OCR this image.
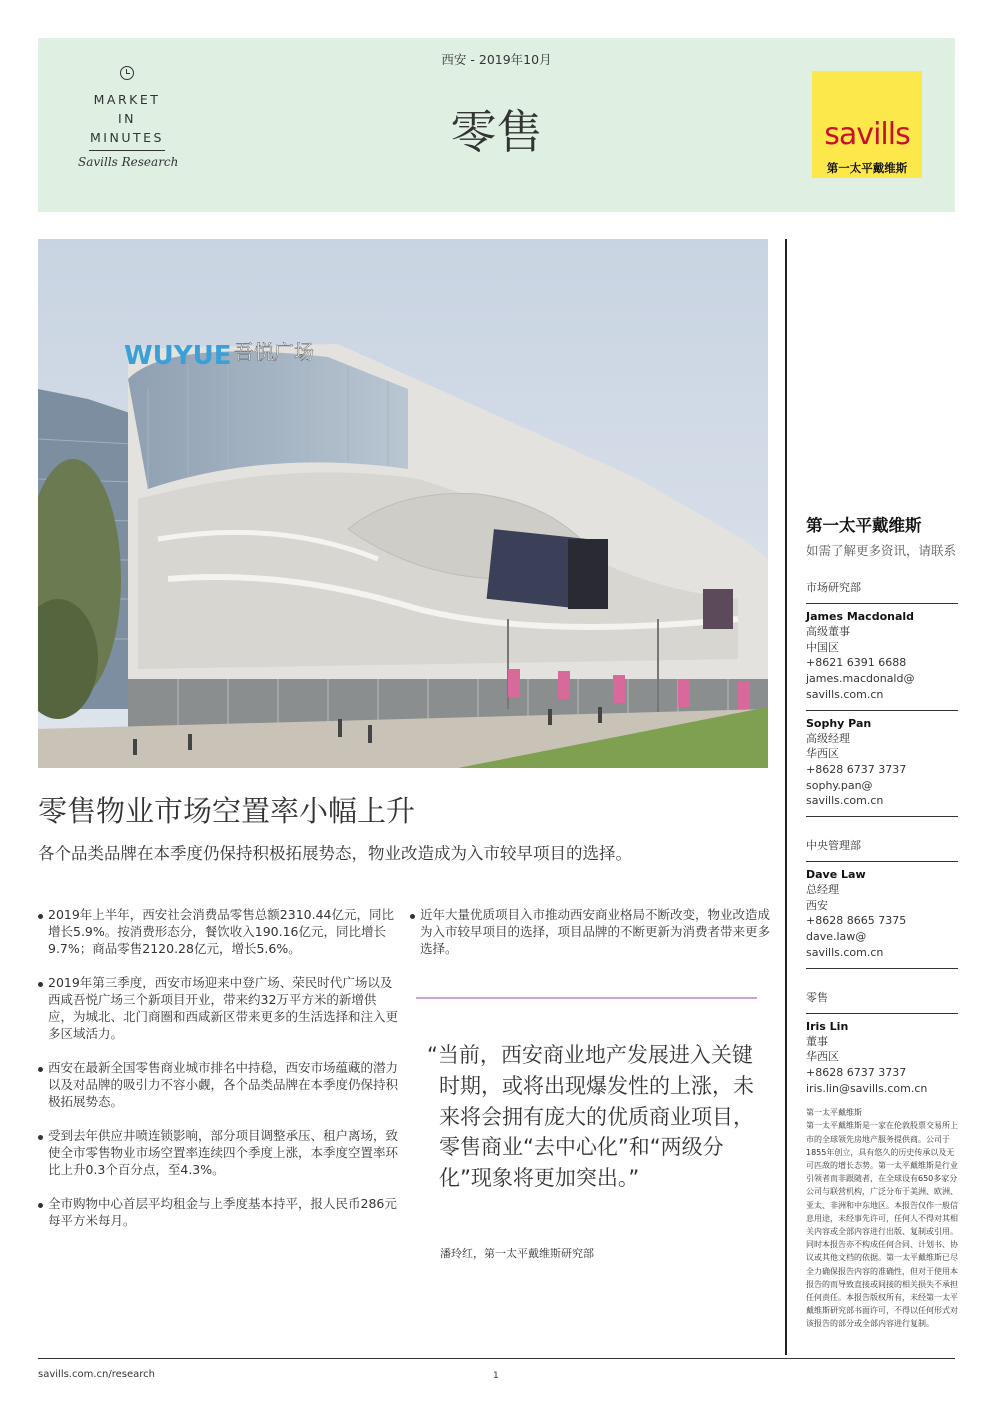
MARKET
IN
MINUTES
Savills Research
西安 - 2019年10月
零售	savills
第一太平戴维斯
WUYUE 吾悦广场
第一太平戴维斯
如需了解更多资讯，请联系
市场研究部
James Macdonald
高级董事
中国区
+8621 6391 6688
james.macdonald@
savills.com.cn
Sophy Pan
高级经理
华西区
+8628 6737 3737
sophy.pan@
savills.com.cn
中央管理部
Dave Law
总经理
西安
+8628 8665 7375
dave.law@
savills.com.cn
零售
Iris Lin
董事
华西区
+8628 6737 3737
iris.lin@savills.com.cn
第一太平戴维斯
第一太平戴维斯是一家在伦敦股票交易所上市的全球领先房地产服务提供商。公司于1855年创立，具有悠久的历史传承以及无可匹敌的增长态势。第一太平戴维斯是行业引领者而非跟随者，在全球设有650多家分公司与联营机构，广泛分布于美洲、欧洲、亚太、非洲和中东地区。本报告仅作一般信息用途，未经事先许可，任何人不得对其相关内容或全部内容进行出版、复制或引用。同时本报告亦不构成任何合同、计划书、协议或其他文档的依据。第一太平戴维斯已尽全力确保报告内容的准确性，但对于使用本报告的而导致直接或间接的相关损失不承担任何责任。本报告版权所有，未经第一太平戴维斯研究部书面许可，不得以任何形式对该报告的部分或全部内容进行复制。
零售物业市场空置率小幅上升
各个品类品牌在本季度仍保持积极拓展势态，物业改造成为入市较早项目的选择。
2019年上半年，西安社会消费品零售总额2310.44亿元，同比增长5.9%。按消费形态分，餐饮收入190.16亿元，同比增长9.7%；商品零售2120.28亿元，增长5.6%。
2019年第三季度，西安市场迎来中登广场、荣民时代广场以及西咸吾悦广场三个新项目开业，带来约32万平方米的新增供应，为城北、北门商圈和西咸新区带来更多的生活选择和注入更多区域活力。
西安在最新全国零售商业城市排名中持稳，西安市场蕴藏的潜力以及对品牌的吸引力不容小觑，各个品类品牌在本季度仍保持积极拓展势态。
受到去年供应井喷连锁影响，部分项目调整承压、租户离场，致使全市零售物业市场空置率连续四个季度上涨，本季度空置率环比上升0.3个百分点，至4.3%。
全市购物中心首层平均租金与上季度基本持平，报人民币286元每平方米每月。
近年大量优质项目入市推动西安商业格局不断改变，物业改造成为入市较早项目的选择，项目品牌的不断更新为消费者带来更多选择。
“当前，西安商业地产发展进入关键时期，或将出现爆发性的上涨，未来将会拥有庞大的优质商业项目，零售商业“去中心化”和“两级分化”现象将更加突出。”
潘玲红，第一太平戴维斯研究部
savills.com.cn/research	1
